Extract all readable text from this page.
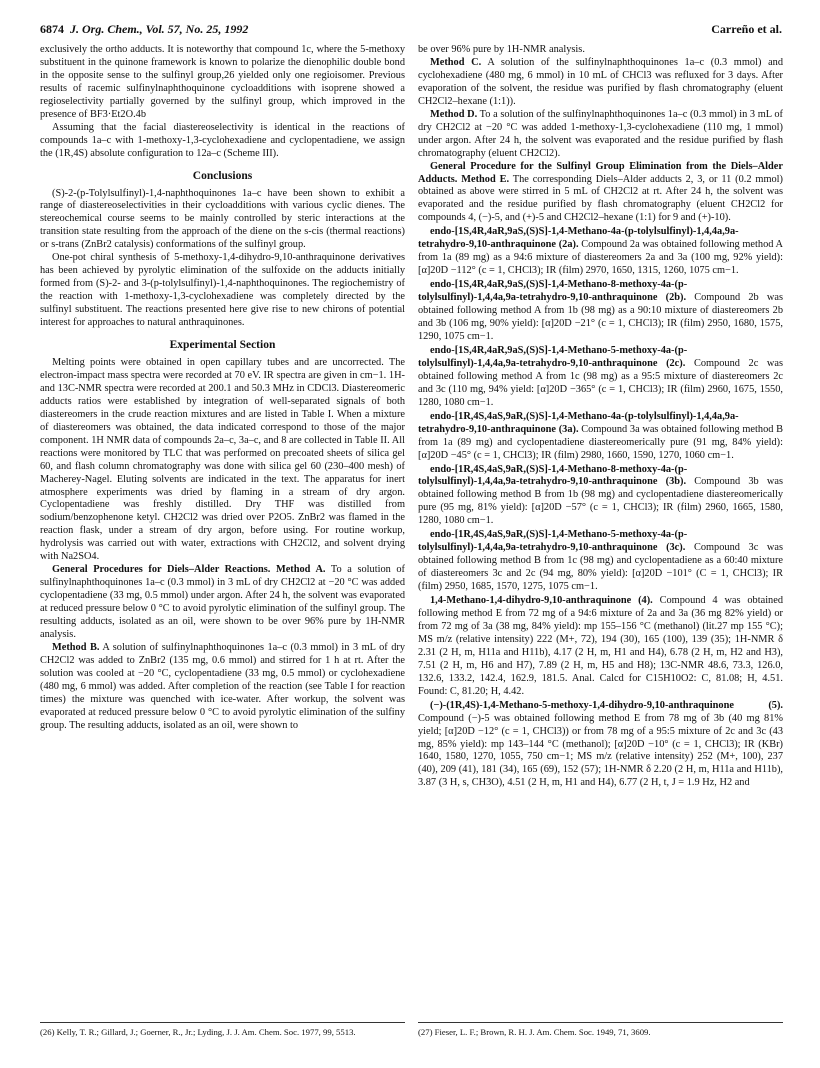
6874 J. Org. Chem., Vol. 57, No. 25, 1992	Carreño et al.

exclusively the ortho adducts. It is noteworthy that compound 1c, where the 5-methoxy substituent in the quinone framework is known to polarize the dienophilic double bond in the opposite sense to the sulfinyl group,26 yielded only one regioisomer. Previous results of racemic sulfinylnaphthoquinone cycloadditions with isoprene showed a regioselectivity partially governed by the sulfinyl group, which improved in the presence of BF3·Et2O.4b

Assuming that the facial diastereoselectivity is identical in the reactions of compounds 1a–c with 1-methoxy-1,3-cyclohexadiene and cyclopentadiene, we assign the (1R,4S) absolute configuration to 12a–c (Scheme III).

Conclusions

(S)-2-(p-Tolylsulfinyl)-1,4-naphthoquinones 1a–c have been shown to exhibit a range of diastereoselectivities in their cycloadditions with various cyclic dienes. The stereochemical course seems to be mainly controlled by steric interactions at the transition state resulting from the approach of the diene on the s-cis (thermal reactions) or s-trans (ZnBr2 catalysis) conformations of the sulfinyl group.

One-pot chiral synthesis of 5-methoxy-1,4-dihydro-9,10-anthraquinone derivatives has been achieved by pyrolytic elimination of the sulfoxide on the adducts initially formed from (S)-2- and 3-(p-tolylsulfinyl)-1,4-naphthoquinones. The regiochemistry of the reaction with 1-methoxy-1,3-cyclohexadiene was completely directed by the sulfinyl substituent. The reactions presented here give rise to new chirons of potential interest for approaches to natural anthraquinones.

Experimental Section

Melting points were obtained in open capillary tubes and are uncorrected. The electron-impact mass spectra were recorded at 70 eV. IR spectra are given in cm−1. 1H- and 13C-NMR spectra were recorded at 200.1 and 50.3 MHz in CDCl3. Diastereomeric adducts ratios were established by integration of well-separated signals of both diastereomers in the crude reaction mixtures and are listed in Table I. When a mixture of diastereomers was obtained, the data indicated correspond to those of the major component. 1H NMR data of compounds 2a–c, 3a–c, and 8 are collected in Table II. All reactions were monitored by TLC that was performed on precoated sheets of silica gel 60, and flash column chromatography was done with silica gel 60 (230–400 mesh) of Macherey-Nagel. Eluting solvents are indicated in the text. The apparatus for inert atmosphere experiments was dried by flaming in a stream of dry argon. Cyclopentadiene was freshly distilled. Dry THF was distilled from sodium/benzophenone ketyl. CH2Cl2 was dried over P2O5. ZnBr2 was flamed in the reaction flask, under a stream of dry argon, before using. For routine workup, hydrolysis was carried out with water, extractions with CH2Cl2, and solvent drying with Na2SO4.

General Procedures for Diels–Alder Reactions. Method A. To a solution of sulfinylnaphthoquinones 1a–c (0.3 mmol) in 3 mL of dry CH2Cl2 at −20 °C was added cyclopentadiene (33 mg, 0.5 mmol) under argon. After 24 h, the solvent was evaporated at reduced pressure below 0 °C to avoid pyrolytic elimination of the sulfinyl group. The resulting adducts, isolated as an oil, were shown to be over 96% pure by 1H-NMR analysis.

Method B. A solution of sulfinylnaphthoquinones 1a–c (0.3 mmol) in 3 mL of dry CH2Cl2 was added to ZnBr2 (135 mg, 0.6 mmol) and stirred for 1 h at rt. After the solution was cooled at −20 °C, cyclopentadiene (33 mg, 0.5 mmol) or cyclohexadiene (480 mg, 6 mmol) was added. After completion of the reaction (see Table I for reaction times) the mixture was quenched with ice-water. After workup, the solvent was evaporated at reduced pressure below 0 °C to avoid pyrolytic elimination of the sulfiny group. The resulting adducts, isolated as an oil, were shown to

be over 96% pure by 1H-NMR analysis.

Method C. A solution of the sulfinylnaphthoquinones 1a–c (0.3 mmol) and cyclohexadiene (480 mg, 6 mmol) in 10 mL of CHCl3 was refluxed for 3 days. After evaporation of the solvent, the residue was purified by flash chromatography (eluent CH2Cl2–hexane (1:1)).

Method D. To a solution of the sulfinylnaphthoquinones 1a–c (0.3 mmol) in 3 mL of dry CH2Cl2 at −20 °C was added 1-methoxy-1,3-cyclohexadiene (110 mg, 1 mmol) under argon. After 24 h, the solvent was evaporated and the residue purified by flash chromatography (eluent CH2Cl2).

General Procedure for the Sulfinyl Group Elimination from the Diels–Alder Adducts. Method E. The corresponding Diels–Alder adducts 2, 3, or 11 (0.2 mmol) obtained as above were stirred in 5 mL of CH2Cl2 at rt. After 24 h, the solvent was evaporated and the residue purified by flash chromatography (eluent CH2Cl2 for compounds 4, (−)-5, and (+)-5 and CH2Cl2–hexane (1:1) for 9 and (+)-10).

endo-[1S,4R,4aR,9aS,(S)S]-1,4-Methano-4a-(p-tolylsulfinyl)-1,4,4a,9a-tetrahydro-9,10-anthraquinone (2a). Compound 2a was obtained following method A from 1a (89 mg) as a 94:6 mixture of diastereomers 2a and 3a (100 mg, 92% yield): [α]20D −112° (c = 1, CHCl3); IR (film) 2970, 1650, 1315, 1260, 1075 cm−1.

endo-[1S,4R,4aR,9aS,(S)S]-1,4-Methano-8-methoxy-4a-(p-tolylsulfinyl)-1,4,4a,9a-tetrahydro-9,10-anthraquinone (2b). Compound 2b was obtained following method A from 1b (98 mg) as a 90:10 mixture of diastereomers 2b and 3b (106 mg, 90% yield): [α]20D −21° (c = 1, CHCl3); IR (film) 2950, 1680, 1575, 1290, 1075 cm−1.

endo-[1S,4R,4aR,9aS,(S)S]-1,4-Methano-5-methoxy-4a-(p-tolylsulfinyl)-1,4,4a,9a-tetrahydro-9,10-anthraquinone (2c). Compound 2c was obtained following method A from 1c (98 mg) as a 95:5 mixture of diastereomers 2c and 3c (110 mg, 94% yield: [α]20D −365° (c = 1, CHCl3); IR (film) 2960, 1675, 1550, 1280, 1080 cm−1.

endo-[1R,4S,4aS,9aR,(S)S]-1,4-Methano-4a-(p-tolylsulfinyl)-1,4,4a,9a-tetrahydro-9,10-anthraquinone (3a). Compound 3a was obtained following method B from 1a (89 mg) and cyclopentadiene diastereomerically pure (91 mg, 84% yield): [α]20D −45° (c = 1, CHCl3); IR (film) 2980, 1660, 1590, 1270, 1060 cm−1.

endo-[1R,4S,4aS,9aR,(S)S]-1,4-Methano-8-methoxy-4a-(p-tolylsulfinyl)-1,4,4a,9a-tetrahydro-9,10-anthraquinone (3b). Compound 3b was obtained following method B from 1b (98 mg) and cyclopentadiene diastereomerically pure (95 mg, 81% yield): [α]20D −57° (c = 1, CHCl3); IR (film) 2960, 1665, 1580, 1280, 1080 cm−1.

endo-[1R,4S,4aS,9aR,(S)S]-1,4-Methano-5-methoxy-4a-(p-tolylsulfinyl)-1,4,4a,9a-tetrahydro-9,10-anthraquinone (3c). Compound 3c was obtained following method B from 1c (98 mg) and cyclopentadiene as a 60:40 mixture of diastereomers 3c and 2c (94 mg, 80% yield): [α]20D −101° (C = 1, CHCl3); IR (film) 2950, 1685, 1570, 1275, 1075 cm−1.

1,4-Methano-1,4-dihydro-9,10-anthraquinone (4). Compound 4 was obtained following method E from 72 mg of a 94:6 mixture of 2a and 3a (36 mg 82% yield) or from 72 mg of 3a (38 mg, 84% yield): mp 155–156 °C (methanol) (lit.27 mp 155 °C); MS m/z (relative intensity) 222 (M+, 72), 194 (30), 165 (100), 139 (35); 1H-NMR δ 2.31 (2 H, m, H11a and H11b), 4.17 (2 H, m, H1 and H4), 6.78 (2 H, m, H2 and H3), 7.51 (2 H, m, H6 and H7), 7.89 (2 H, m, H5 and H8); 13C-NMR 48.6, 73.3, 126.0, 132.6, 133.2, 142.4, 162.9, 181.5. Anal. Calcd for C15H10O2: C, 81.08; H, 4.51. Found: C, 81.20; H, 4.42.

(−)-(1R,4S)-1,4-Methano-5-methoxy-1,4-dihydro-9,10-anthraquinone (5). Compound (−)-5 was obtained following method E from 78 mg of 3b (40 mg 81% yield; [α]20D −12° (c = 1, CHCl3)) or from 78 mg of a 95:5 mixture of 2c and 3c (43 mg, 85% yield): mp 143–144 °C (methanol); [α]20D −10° (c = 1, CHCl3); IR (KBr) 1640, 1580, 1270, 1055, 750 cm−1; MS m/z (relative intensity) 252 (M+, 100), 237 (40), 209 (41), 181 (34), 165 (69), 152 (57); 1H-NMR δ 2.20 (2 H, m, H11a and H11b), 3.87 (3 H, s, CH3O), 4.51 (2 H, m, H1 and H4), 6.77 (2 H, t, J = 1.9 Hz, H2 and

(26) Kelly, T. R.; Gillard, J.; Goerner, R., Jr.; Lyding, J. J. Am. Chem. Soc. 1977, 99, 5513.	(27) Fieser, L. F.; Brown, R. H. J. Am. Chem. Soc. 1949, 71, 3609.
